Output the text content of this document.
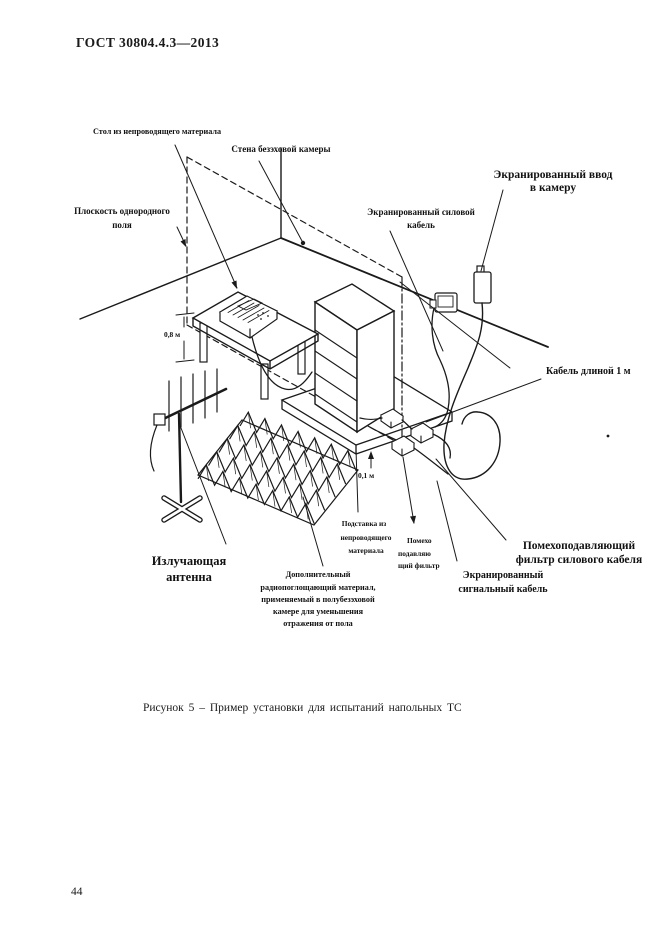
ГОСТ 30804.4.3—2013
0,8 м
0,1 м
Стол из непроводящего материала
Стена безэховой камеры
Плоскость однородного
поля
Экранированный ввод
в камеру
Экранированный силовой
кабель
Кабель длиной 1 м
Подставка из
непроводящего
материала
Помехо
подавляю
щий фильтр
Излучающая
антенна	Дополнительный
радиопоглощающий материал,
применяемый в полубезэховой
камере для уменьшения
отражения от пола
Помехоподавляющий
фильтр силового кабеля
Экранированный
сигнальный кабель
Рисунок 5 – Пример установки для испытаний напольных ТС
44
